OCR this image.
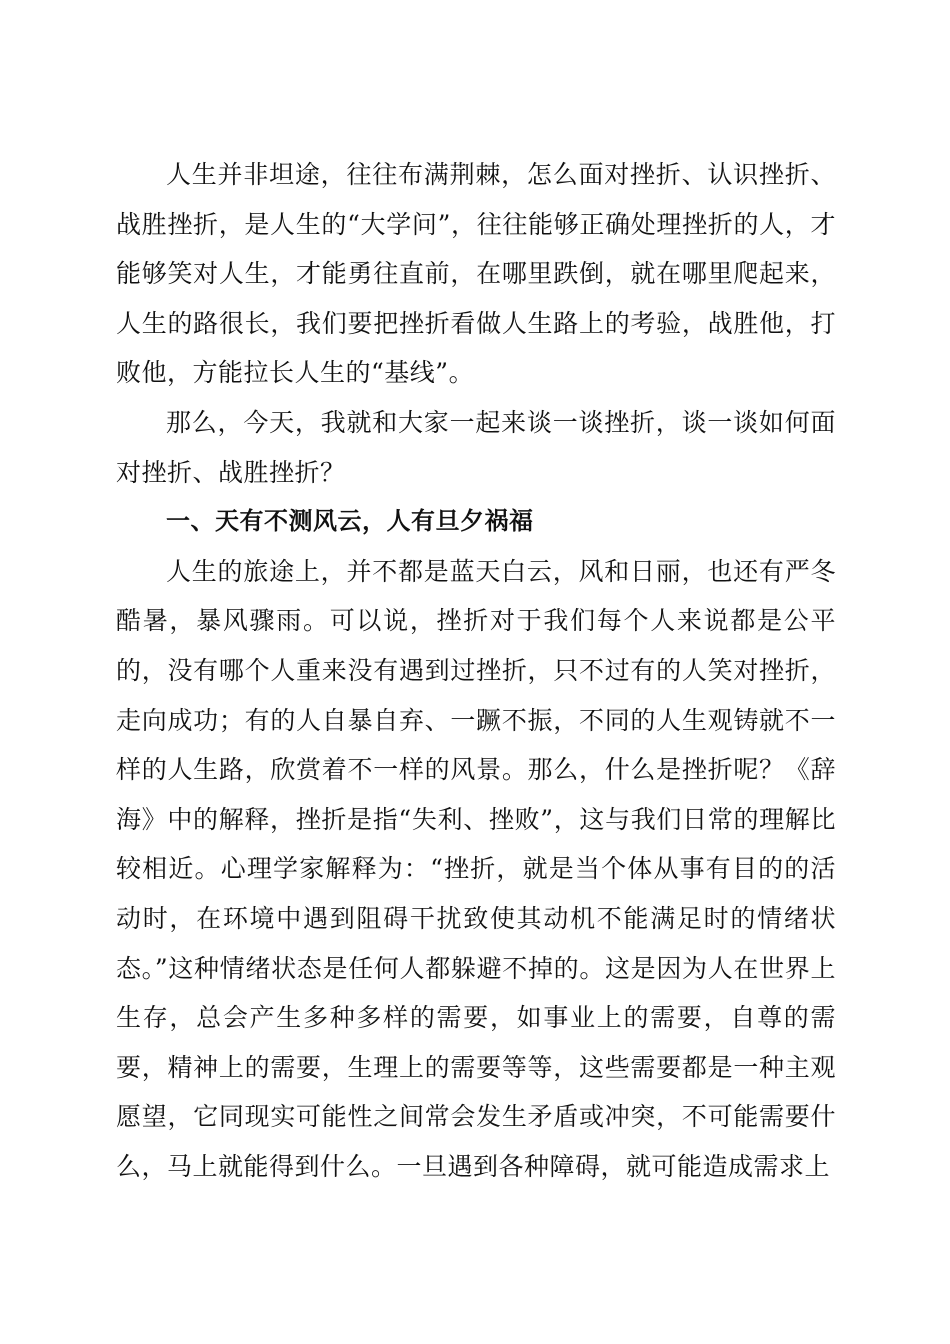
人生并非坦途，往往布满荆棘，怎么面对挫折、认识挫折、战胜挫折，是人生的“大学问”，往往能够正确处理挫折的人，才能够笑对人生，才能勇往直前，在哪里跌倒，就在哪里爬起来，人生的路很长，我们要把挫折看做人生路上的考验，战胜他，打败他，方能拉长人生的“基线”。

那么，今天，我就和大家一起来谈一谈挫折，谈一谈如何面对挫折、战胜挫折？

一、天有不测风云，人有旦夕祸福

人生的旅途上，并不都是蓝天白云，风和日丽，也还有严冬酷暑，暴风骤雨。可以说，挫折对于我们每个人来说都是公平的，没有哪个人重来没有遇到过挫折，只不过有的人笑对挫折，走向成功；有的人自暴自弃、一蹶不振，不同的人生观铸就不一样的人生路，欣赏着不一样的风景。那么，什么是挫折呢？《辞海》中的解释，挫折是指“失利、挫败”，这与我们日常的理解比较相近。心理学家解释为：“挫折，就是当个体从事有目的的活动时，在环境中遇到阻碍干扰致使其动机不能满足时的情绪状态。”这种情绪状态是任何人都躲避不掉的。这是因为人在世界上生存，总会产生多种多样的需要，如事业上的需要，自尊的需要，精神上的需要，生理上的需要等等，这些需要都是一种主观愿望，它同现实可能性之间常会发生矛盾或冲突，不可能需要什么，马上就能得到什么。一旦遇到各种障碍，就可能造成需求上
